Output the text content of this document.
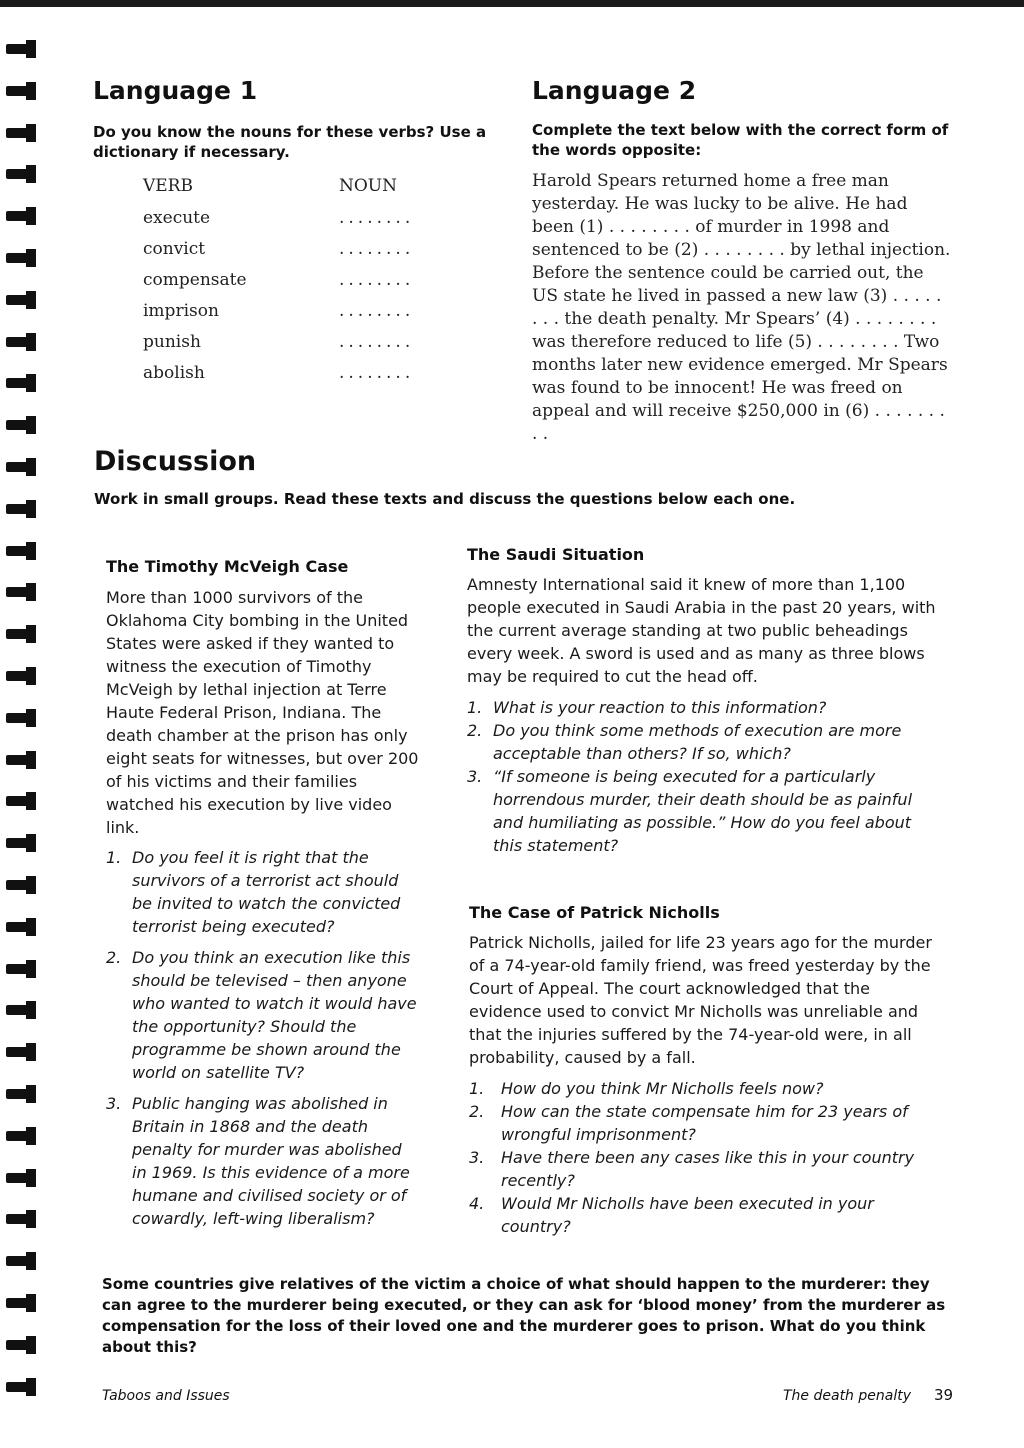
Language 1
Do you know the nouns for these verbs? Use a dictionary if necessary.
VERB	NOUN
execute	........
convict	........
compensate	........
imprison	........
punish	........
abolish	........
Language 2
Complete the text below with the correct form of the words opposite:
Harold Spears returned home a free man yesterday. He was lucky to be alive. He had been (1) . . . . . . . . of murder in 1998 and sentenced to be (2) . . . . . . . . by lethal injection. Before the sentence could be carried out, the US state he lived in passed a new law (3) . . . . . . . . the death penalty. Mr Spears’ (4) . . . . . . . . was therefore reduced to life (5) . . . . . . . . Two months later new evidence emerged. Mr Spears was found to be innocent! He was freed on appeal and will receive $250,000 in (6) . . . . . . . . .
Discussion
Work in small groups. Read these texts and discuss the questions below each one.
The Timothy McVeigh Case
More than 1000 survivors of the Oklahoma City bombing in the United States were asked if they wanted to witness the execution of Timothy McVeigh by lethal injection at Terre Haute Federal Prison, Indiana. The death chamber at the prison has only eight seats for witnesses, but over 200 of his victims and their families watched his execution by live video link.
1. Do you feel it is right that the survivors of a terrorist act should be invited to watch the convicted terrorist being executed?
2. Do you think an execution like this should be televised – then anyone who wanted to watch it would have the opportunity? Should the programme be shown around the world on satellite TV?
3. Public hanging was abolished in Britain in 1868 and the death penalty for murder was abolished in 1969. Is this evidence of a more humane and civilised society or of cowardly, left-wing liberalism?
The Saudi Situation
Amnesty International said it knew of more than 1,100 people executed in Saudi Arabia in the past 20 years, with the current average standing at two public beheadings every week. A sword is used and as many as three blows may be required to cut the head off.
1. What is your reaction to this information?
2. Do you think some methods of execution are more acceptable than others? If so, which?
3. “If someone is being executed for a particularly horrendous murder, their death should be as painful and humiliating as possible.” How do you feel about this statement?
The Case of Patrick Nicholls
Patrick Nicholls, jailed for life 23 years ago for the murder of a 74-year-old family friend, was freed yesterday by the Court of Appeal. The court acknowledged that the evidence used to convict Mr Nicholls was unreliable and that the injuries suffered by the 74-year-old were, in all probability, caused by a fall.
1. How do you think Mr Nicholls feels now?
2. How can the state compensate him for 23 years of wrongful imprisonment?
3. Have there been any cases like this in your country recently?
4. Would Mr Nicholls have been executed in your country?
Some countries give relatives of the victim a choice of what should happen to the murderer: they can agree to the murderer being executed, or they can ask for ‘blood money’ from the murderer as compensation for the loss of their loved one and the murderer goes to prison. What do you think about this?
Taboos and Issues	The death penalty 39
